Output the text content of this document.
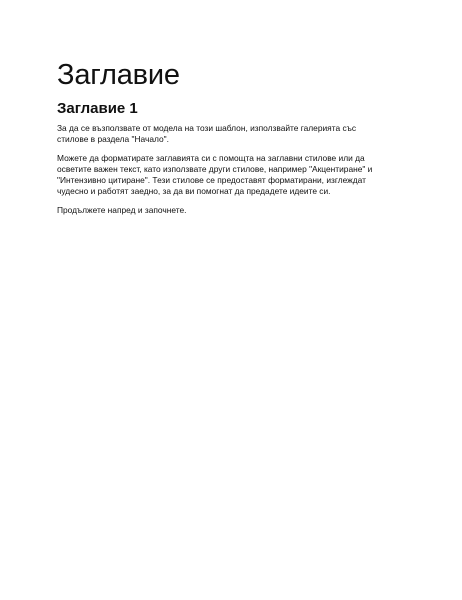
Заглавие
Заглавие 1

За да се възползвате от модела на този шаблон, използвайте галерията със стилове в раздела "Начало".

Можете да форматирате заглавията си с помощта на заглавни стилове или да осветите важен текст, като използвате други стилове, например "Акцентиране" и "Интензивно цитиране". Тези стилове се предоставят форматирани, изглеждат чудесно и работят заедно, за да ви помогнат да предадете идеите си.

Продължете напред и започнете.
